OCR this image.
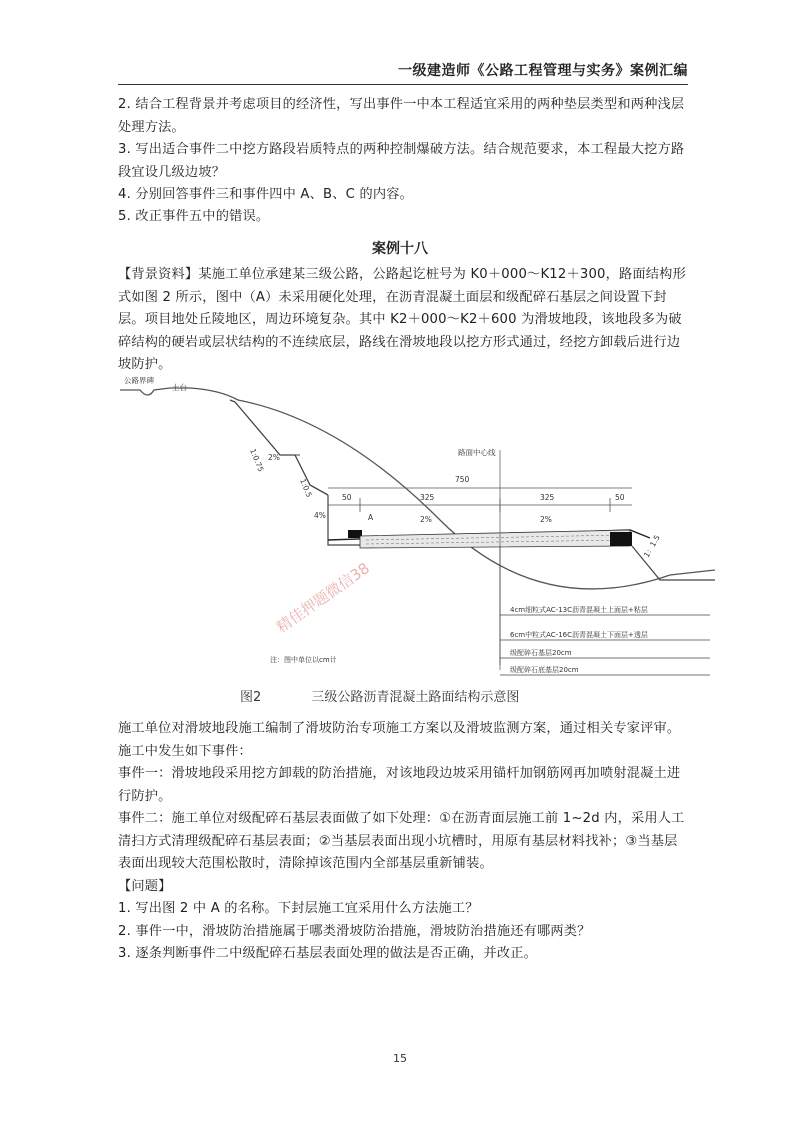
一级建造师《公路工程管理与实务》案例汇编

2. 结合工程背景并考虑项目的经济性，写出事件一中本工程适宜采用的两种垫层类型和两种浅层处理方法。

3. 写出适合事件二中挖方路段岩质特点的两种控制爆破方法。结合规范要求，本工程最大挖方路段宜设几级边坡？

4. 分别回答事件三和事件四中 A、B、C 的内容。

5. 改正事件五中的错误。

案例十八

【背景资料】某施工单位承建某三级公路，公路起讫桩号为 K0＋000～K12＋300，路面结构形式如图 2 所示，图中（A）未采用硬化处理，在沥青混凝土面层和级配碎石基层之间设置下封层。项目地处丘陵地区，周边环境复杂。其中 K2＋000～K2＋600 为滑坡地段，该地段多为破碎结构的硬岩或层状结构的不连续底层，路线在滑坡地段以挖方形式通过，经挖方卸载后进行边坡防护。

公路界碑
土台
1:0.75
1:0.5
2%
4%
路面中心线
750
50	325	325	50
A	2%	2%
1：1.5
4cm细粒式AC-13C沥青混凝土上面层+粘层
6cm中粒式AC-16C沥青混凝土下面层+透层
级配碎石基层20cm
级配碎石底基层20cm
注：图中单位以cm计
图2	三级公路沥青混凝土路面结构示意图
精佳押题微信38

施工单位对滑坡地段施工编制了滑坡防治专项施工方案以及滑坡监测方案，通过相关专家评审。施工中发生如下事件：

事件一：滑坡地段采用挖方卸载的防治措施，对该地段边坡采用锚杆加钢筋网再加喷射混凝土进行防护。

事件二：施工单位对级配碎石基层表面做了如下处理：①在沥青面层施工前 1~2d 内，采用人工清扫方式清理级配碎石基层表面；②当基层表面出现小坑槽时，用原有基层材料找补；③当基层表面出现较大范围松散时，清除掉该范围内全部基层重新铺装。

【问题】

1. 写出图 2 中 A 的名称。下封层施工宜采用什么方法施工？

2. 事件一中，滑坡防治措施属于哪类滑坡防治措施，滑坡防治措施还有哪两类？

3. 逐条判断事件二中级配碎石基层表面处理的做法是否正确，并改正。

15
